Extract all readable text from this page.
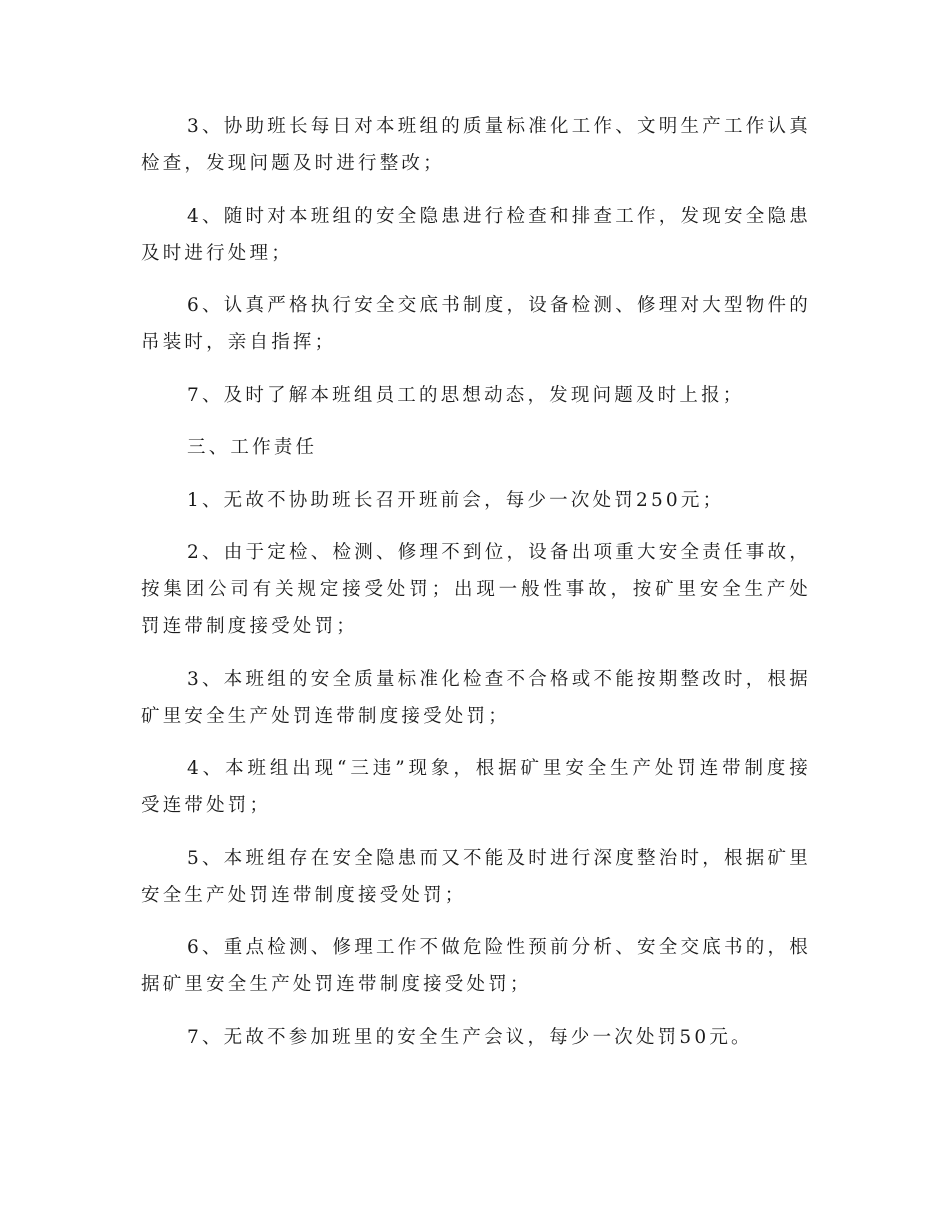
3、协助班长每日对本班组的质量标准化工作、文明生产工作认真检查，发现问题及时进行整改；

4、随时对本班组的安全隐患进行检查和排查工作，发现安全隐患及时进行处理；

6、认真严格执行安全交底书制度，设备检测、修理对大型物件的吊装时，亲自指挥；

7、及时了解本班组员工的思想动态，发现问题及时上报；

三、工作责任

1、无故不协助班长召开班前会，每少一次处罚250元；

2、由于定检、检测、修理不到位，设备出项重大安全责任事故，按集团公司有关规定接受处罚；出现一般性事故，按矿里安全生产处罚连带制度接受处罚；

3、本班组的安全质量标准化检查不合格或不能按期整改时，根据矿里安全生产处罚连带制度接受处罚；

4、本班组出现“三违”现象，根据矿里安全生产处罚连带制度接受连带处罚；

5、本班组存在安全隐患而又不能及时进行深度整治时，根据矿里安全生产处罚连带制度接受处罚；

6、重点检测、修理工作不做危险性预前分析、安全交底书的，根据矿里安全生产处罚连带制度接受处罚；

7、无故不参加班里的安全生产会议，每少一次处罚50元。
